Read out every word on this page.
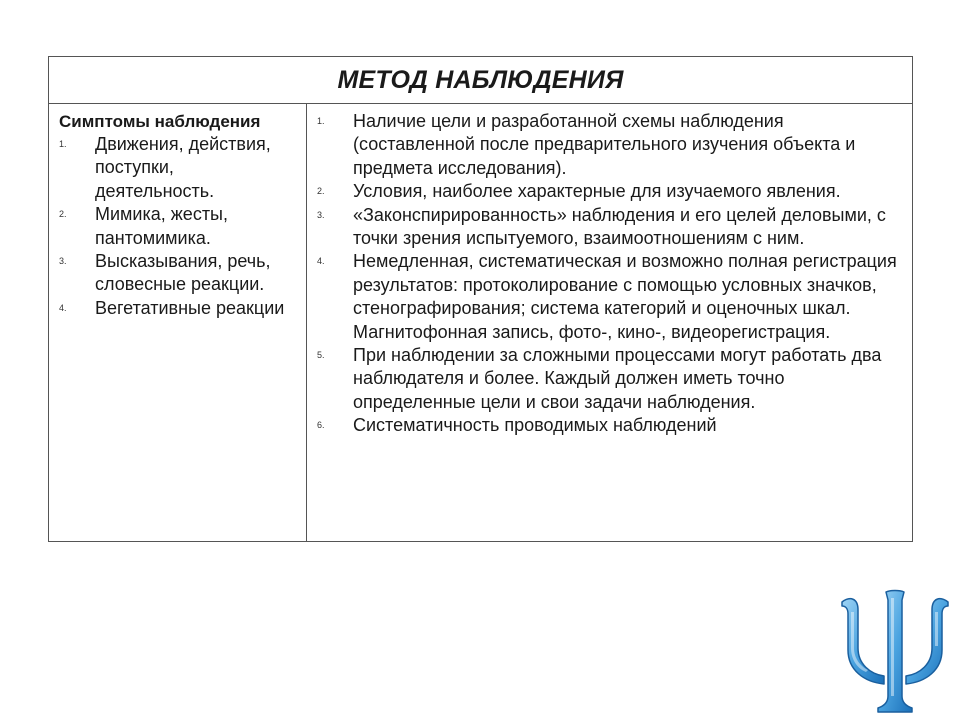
МЕТОД НАБЛЮДЕНИЯ
Симптомы наблюдения
1.	Движения, действия, поступки, деятельность.
2.	Мимика, жесты, пантомимика.
3.	Высказывания, речь, словесные реакции.
4.	Вегетативные реакции
1.	Наличие цели и разработанной схемы наблюдения (составленной после предварительного изучения объекта и предмета исследования).
2.	Условия, наиболее характерные для изучаемого явления.
3.	«Законспирированность» наблюдения и его целей деловыми, с точки зрения испытуемого, взаимоотношениям с ним.
4.	Немедленная, систематическая и возможно полная регистрация результатов: протоколирование с помощью условных значков, стенографирования; система категорий и оценочных шкал. Магнитофонная запись, фото-, кино-, видеорегистрация.
5.	При наблюдении за сложными процессами могут работать два наблюдателя и более. Каждый должен иметь точно определенные цели и свои задачи наблюдения.
6.	Систематичность проводимых наблюдений
